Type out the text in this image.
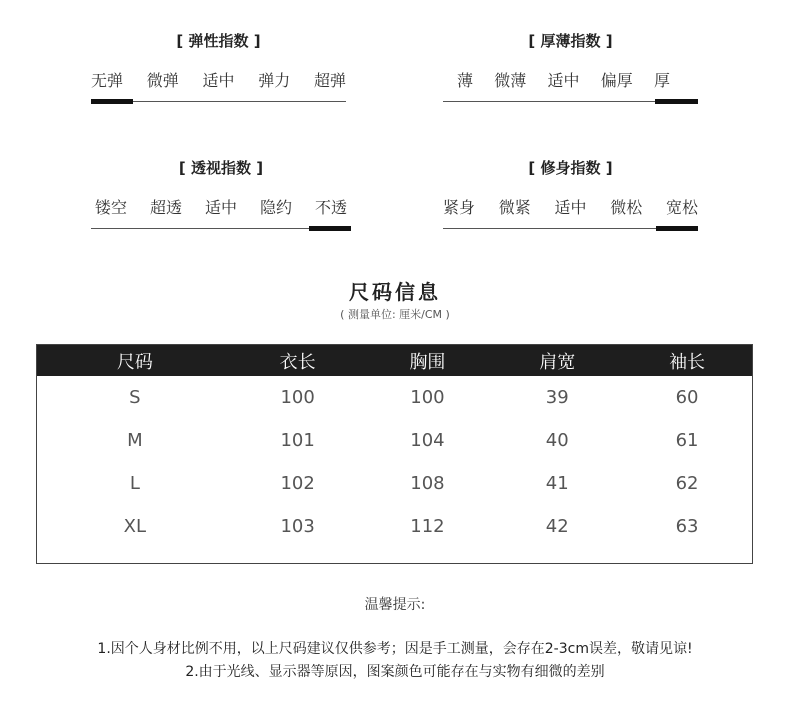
[ 弹性指数 ]
无弹 微弹 适中 弹力 超弹
[ 厚薄指数 ]
薄 微薄 适中 偏厚 厚
[ 透视指数 ]
镂空 超透 适中 隐约 不透
[ 修身指数 ]
紧身 微紧 适中 微松 宽松
尺码信息
( 测量单位: 厘米/CM )
尺码	衣长	胸围	肩宽	袖长
S	100	100	39	60
M	101	104	40	61
L	102	108	41	62
XL	103	112	42	63
温馨提示:
1.因个人身材比例不用，以上尺码建议仅供参考；因是手工测量，会存在2-3cm误差，敬请见谅!
2.由于光线、显示器等原因，图案颜色可能存在与实物有细微的差别
